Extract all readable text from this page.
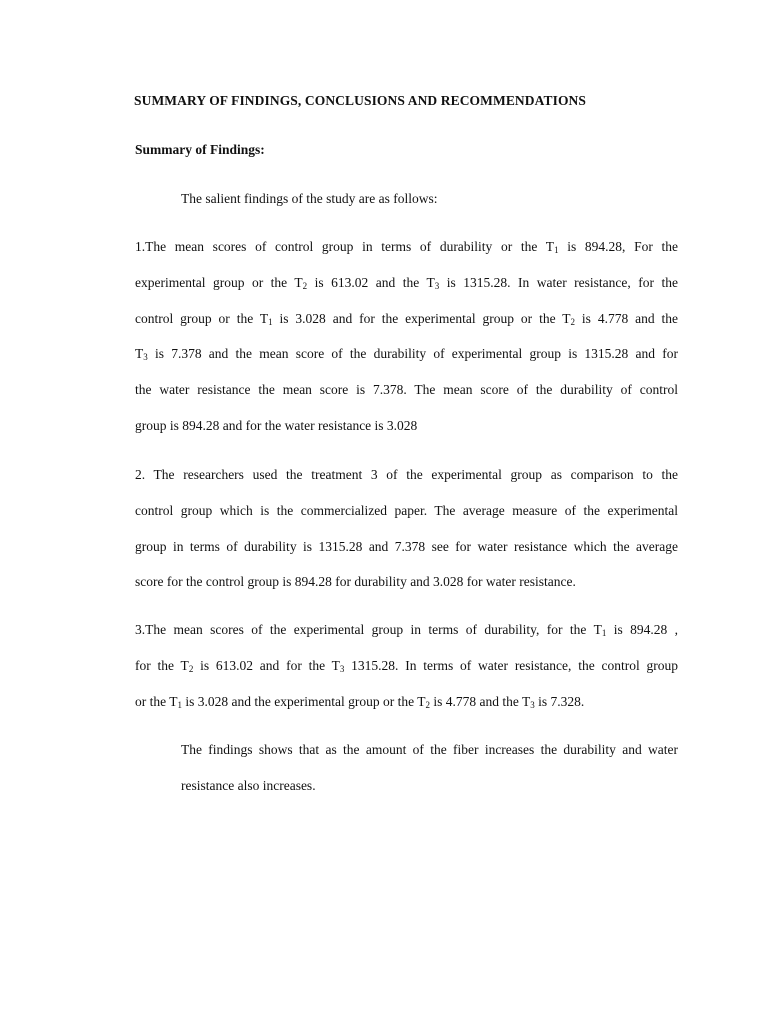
SUMMARY OF FINDINGS, CONCLUSIONS AND RECOMMENDATIONS
Summary of Findings:
The salient findings of the study are as follows:
1.The mean scores of control group in terms of durability or the $T_1$ is 894.28, For the
experimental group or the $T_2$ is 613.02 and the $T_3$ is 1315.28. In water resistance, for the
control group or the $T_1$ is 3.028 and for the experimental group or the $T_2$ is 4.778 and the
$T_3$ is 7.378 and the mean score of the durability of experimental group is 1315.28 and for
the water resistance the mean score is 7.378. The mean score of the durability of control
group is 894.28 and for the water resistance is 3.028
2. The researchers used the treatment 3 of the experimental group as comparison to the
control group which is the commercialized paper. The average measure of the experimental
group in terms of durability is 1315.28 and 7.378 see for water resistance which the average
score for the control group is 894.28 for durability and 3.028 for water resistance.
3.The mean scores of the experimental group in terms of durability, for the $T_1$ is 894.28 ,
for the $T_2$ is 613.02 and for the $T_3$ 1315.28. In terms of water resistance, the control group
or the $T_1$ is 3.028 and the experimental group or the $T_2$ is 4.778 and the $T_3$ is 7.328.
The findings shows that as the amount of the fiber increases the durability and water
resistance also increases.
